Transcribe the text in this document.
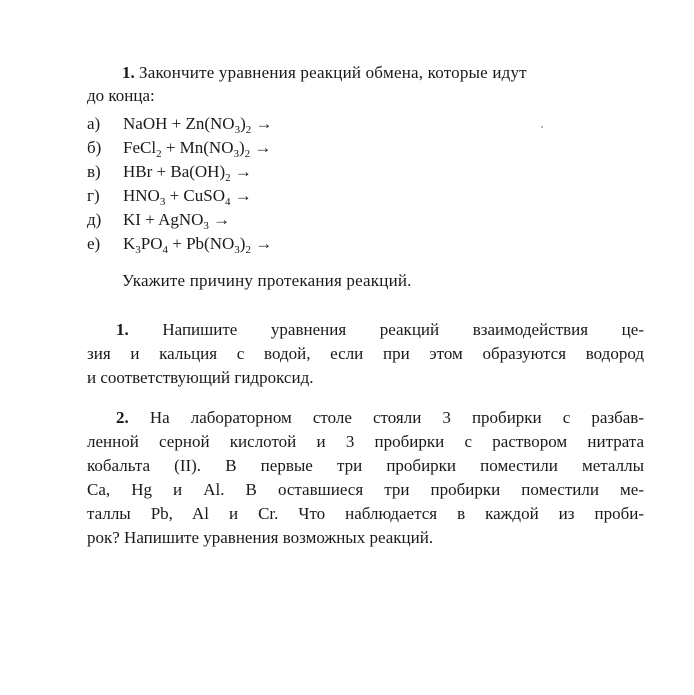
1. Закончите уравнения реакций обмена, которые идут
до конца:
а) NaOH + $Zn(NO_3)_2$ →
б) FeCl$_2$ + $Mn(NO_3)_2$ →
в) HBr + $Ba(OH)_2$ →
г) $HNO_3$ + CuSO$_4$ →
д) KI + AgNO$_3$ →
е) $K_3PO_4 + Pb(NO_3)_2$ →
Укажите причину протекания реакций.
1. Напишите уравнения реакций взаимодействия це-
зия и кальция с водой, если при этом образуются водород
и соответствующий гидроксид.
2. На лабораторном столе стояли 3 пробирки с разбав-
ленной серной кислотой и 3 пробирки с раствором нитрата
кобальта (II). В первые три пробирки поместили металлы
Ca, Hg и Al. В оставшиеся три пробирки поместили ме-
таллы Pb, Al и Cr. Что наблюдается в каждой из проби-
рок? Напишите уравнения возможных реакций.
